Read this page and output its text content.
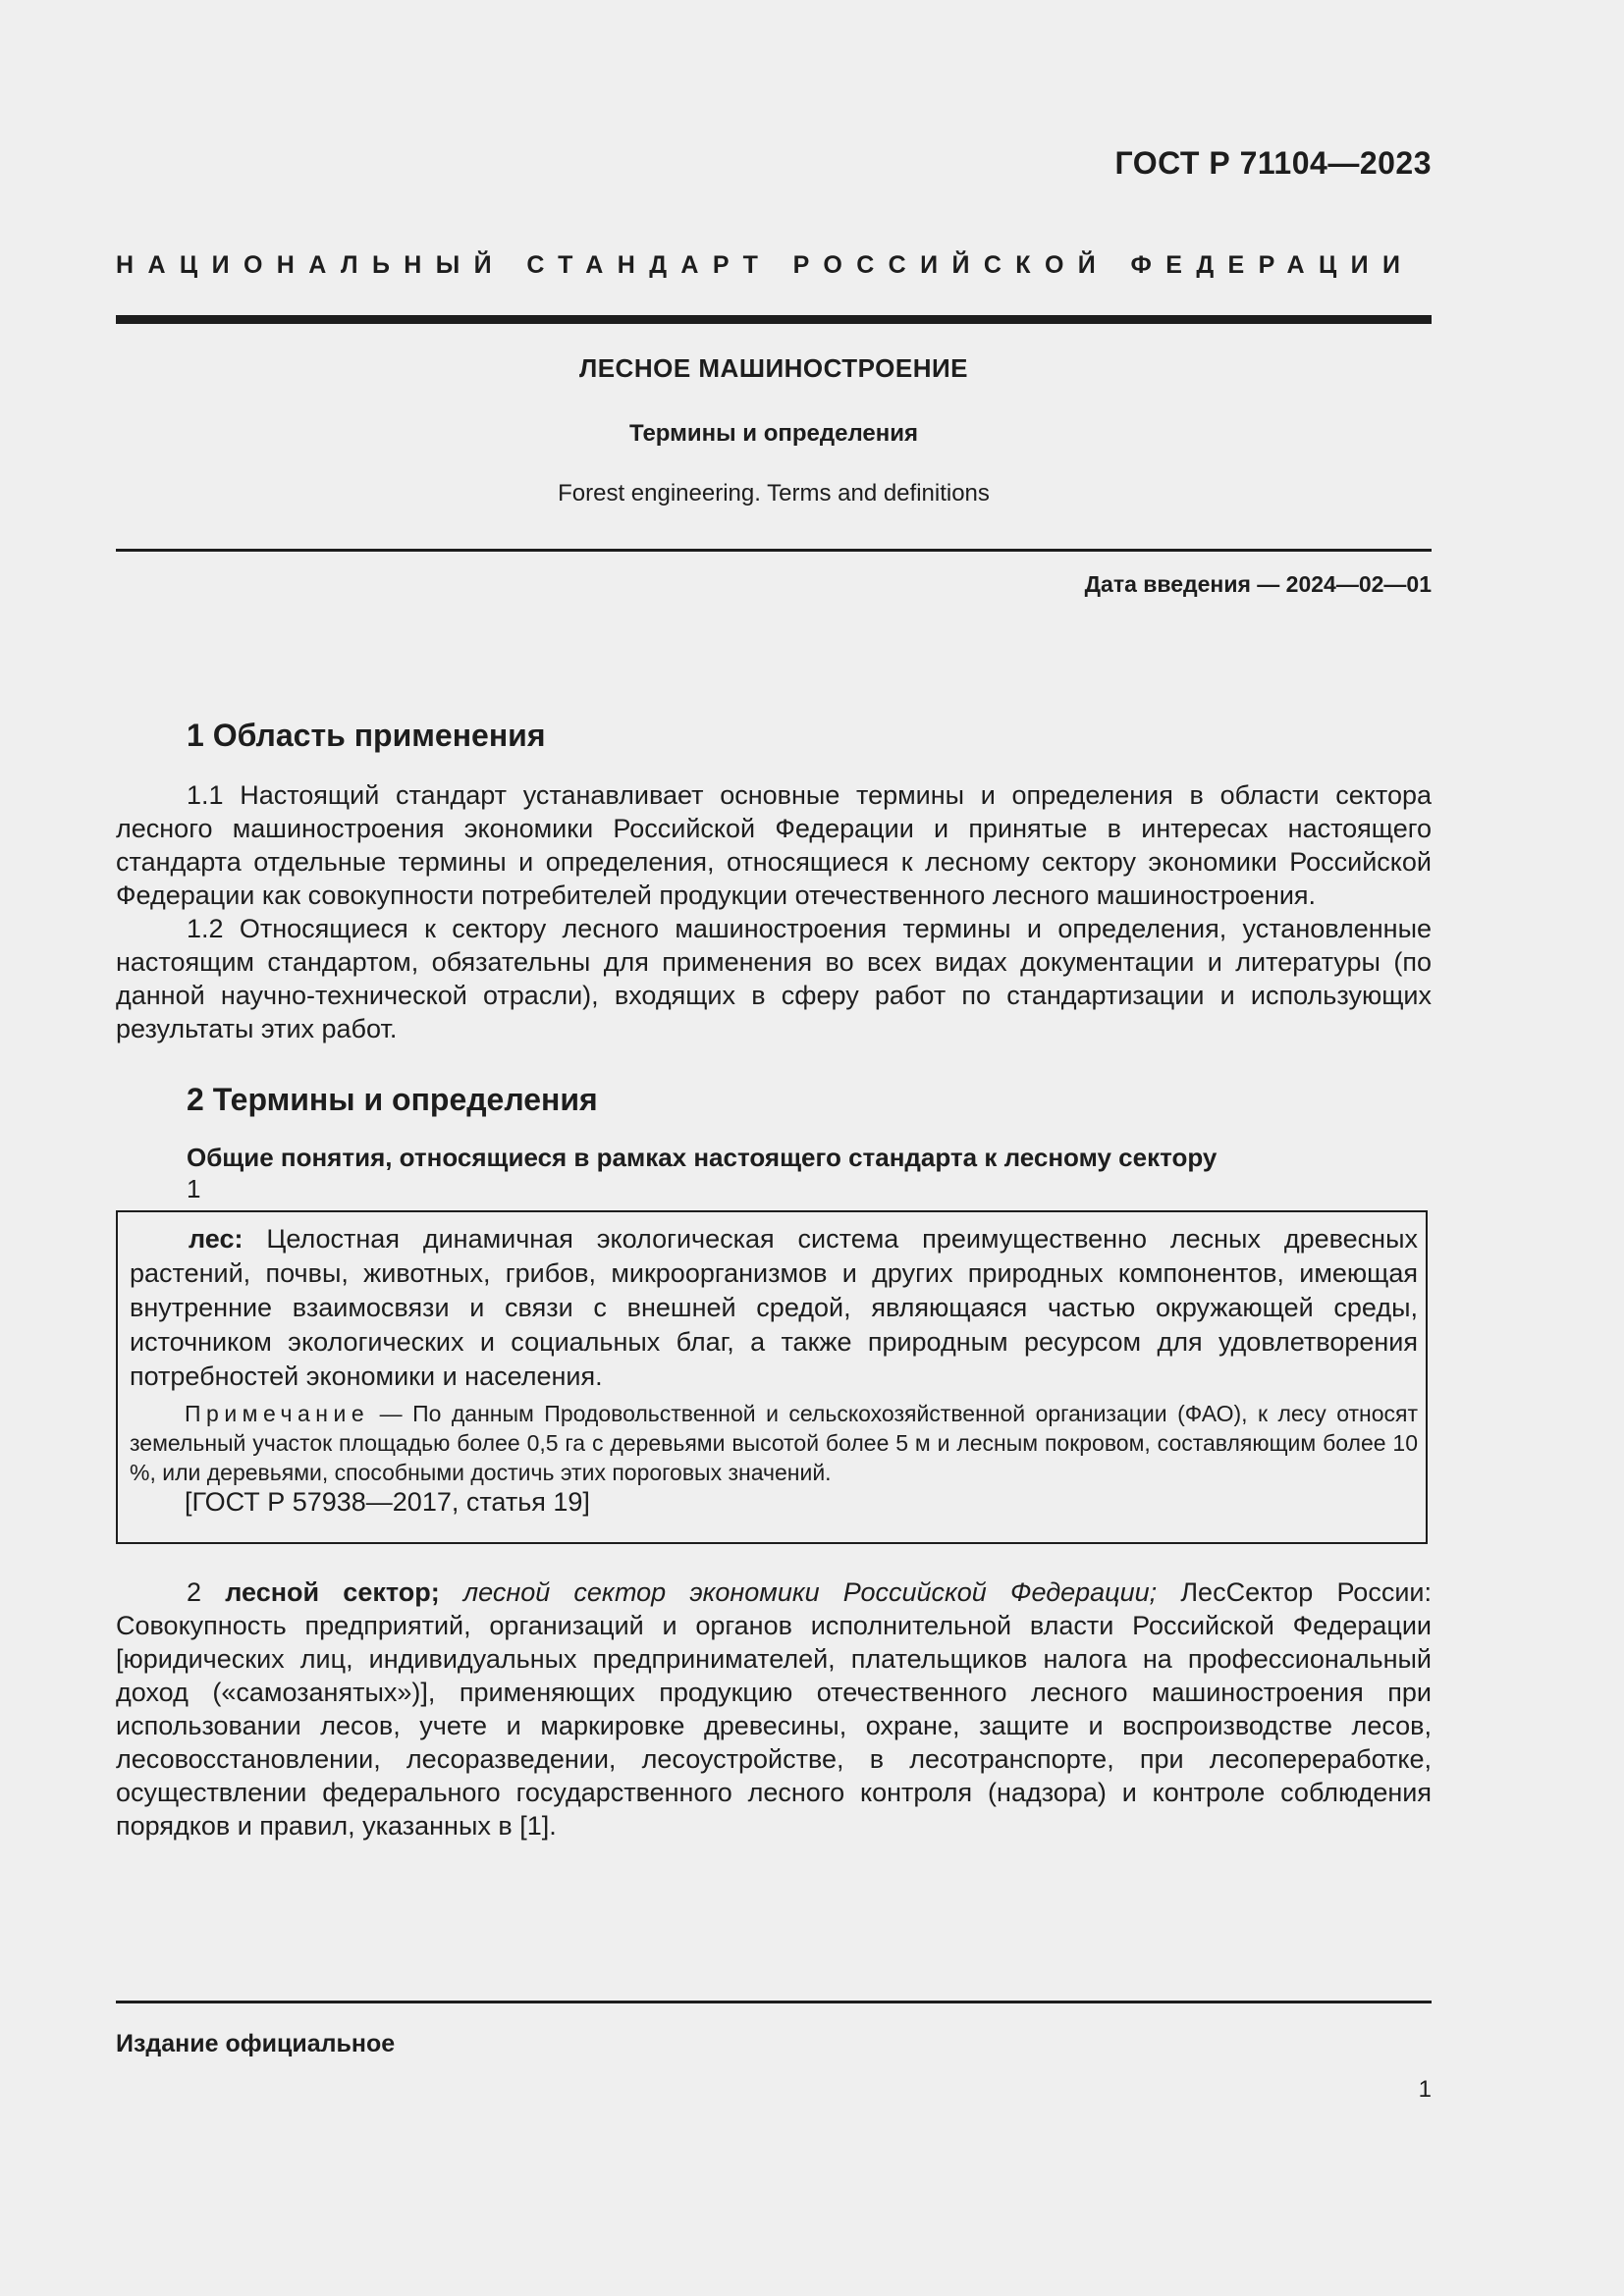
ГОСТ Р 71104—2023
НАЦИОНАЛЬНЫЙ СТАНДАРТ РОССИЙСКОЙ ФЕДЕРАЦИИ
ЛЕСНОЕ МАШИНОСТРОЕНИЕ
Термины и определения
Forest engineering. Terms and definitions
Дата введения — 2024—02—01
1 Область применения

1.1 Настоящий стандарт устанавливает основные термины и определения в области сектора лесного машиностроения экономики Российской Федерации и принятые в интересах настоящего стандарта отдельные термины и определения, относящиеся к лесному сектору экономики Российской Федерации как совокупности потребителей продукции отечественного лесного машиностроения.

1.2 Относящиеся к сектору лесного машиностроения термины и определения, установленные настоящим стандартом, обязательны для применения во всех видах документации и литературы (по данной научно-технической отрасли), входящих в сферу работ по стандартизации и использующих результаты этих работ.

2 Термины и определения
Общие понятия, относящиеся в рамках настоящего стандарта к лесному сектору
1

лес: Целостная динамичная экологическая система преимущественно лесных древесных растений, почвы, животных, грибов, микроорганизмов и других природных компонентов, имеющая внутренние взаимосвязи и связи с внешней средой, являющаяся частью окружающей среды, источником экологических и социальных благ, а также природным ресурсом для удовлетворения потребностей экономики и населения.

Примечание — По данным Продовольственной и сельскохозяйственной организации (ФАО), к лесу относят земельный участок площадью более 0,5 га с деревьями высотой более 5 м и лесным покровом, составляющим более 10 %, или деревьями, способными достичь этих пороговых значений.

[ГОСТ Р 57938—2017, статья 19]

2 лесной сектор; лесной сектор экономики Российской Федерации; ЛесСектор России: Совокупность предприятий, организаций и органов исполнительной власти Российской Федерации [юридических лиц, индивидуальных предпринимателей, плательщиков налога на профессиональный доход («самозанятых»)], применяющих продукцию отечественного лесного машиностроения при использовании лесов, учете и маркировке древесины, охране, защите и воспроизводстве лесов, лесовосстановлении, лесоразведении, лесоустройстве, в лесотранспорте, при лесопереработке, осуществлении федерального государственного лесного контроля (надзора) и контроле соблюдения порядков и правил, указанных в [1].

Издание официальное
1
